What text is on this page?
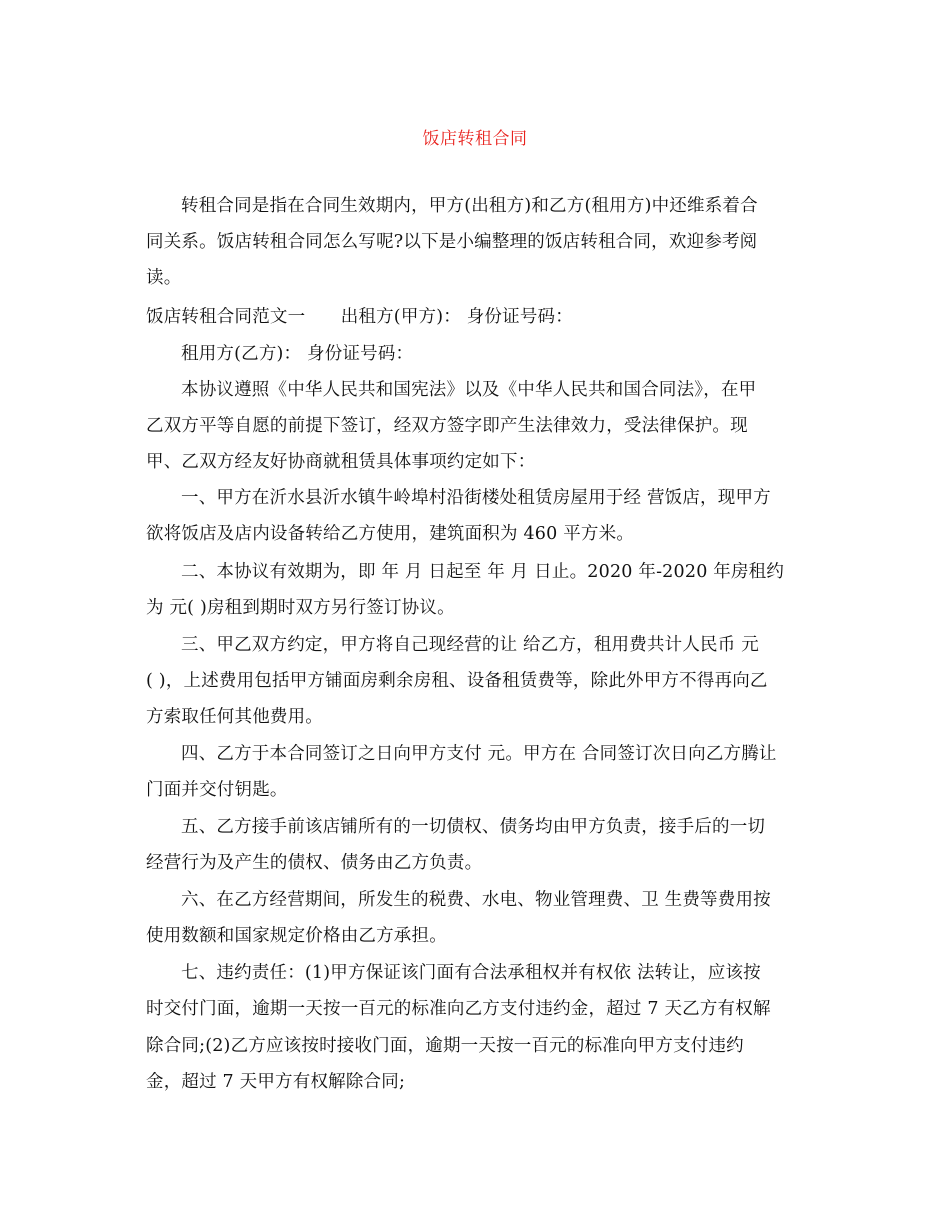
饭店转租合同
转租合同是指在合同生效期内，甲方(出租方)和乙方(租用方)中还维系着合
同关系。饭店转租合同怎么写呢?以下是小编整理的饭店转租合同，欢迎参考阅
读。
饭店转租合同范文一　　出租方(甲方)： 身份证号码：
租用方(乙方)： 身份证号码：
本协议遵照《中华人民共和国宪法》以及《中华人民共和国合同法》，在甲
乙双方平等自愿的前提下签订，经双方签字即产生法律效力，受法律保护。现
甲、乙双方经友好协商就租赁具体事项约定如下：
一、甲方在沂水县沂水镇牛岭埠村沿街楼处租赁房屋用于经 营饭店，现甲方
欲将饭店及店内设备转给乙方使用，建筑面积为 460 平方米。
二、本协议有效期为，即 年 月 日起至 年 月 日止。2020 年-2020 年房租约
为 元( )房租到期时双方另行签订协议。
三、甲乙双方约定，甲方将自己现经营的让 给乙方，租用费共计人民币 元
( )，上述费用包括甲方铺面房剩余房租、设备租赁费等，除此外甲方不得再向乙
方索取任何其他费用。
四、乙方于本合同签订之日向甲方支付 元。甲方在 合同签订次日向乙方腾让
门面并交付钥匙。
五、乙方接手前该店铺所有的一切债权、债务均由甲方负责，接手后的一切
经营行为及产生的债权、债务由乙方负责。
六、在乙方经营期间，所发生的税费、水电、物业管理费、卫 生费等费用按
使用数额和国家规定价格由乙方承担。
七、违约责任：(1)甲方保证该门面有合法承租权并有权依 法转让，应该按
时交付门面，逾期一天按一百元的标准向乙方支付违约金，超过 7 天乙方有权解
除合同;(2)乙方应该按时接收门面，逾期一天按一百元的标准向甲方支付违约
金，超过 7 天甲方有权解除合同;
